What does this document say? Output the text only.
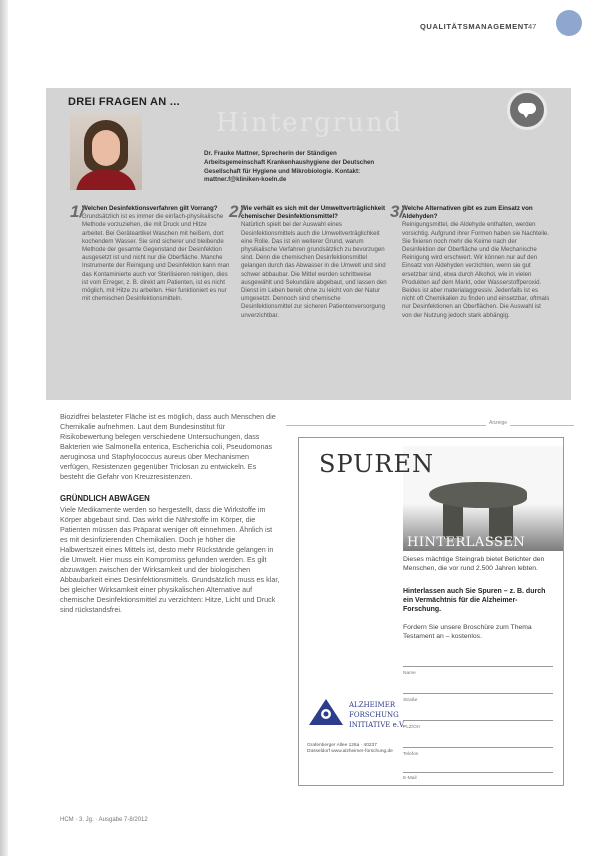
QUALITÄTSMANAGEMENT 47
Hintergrund
DREI FRAGEN AN ...
Dr. Frauke Mattner, Sprecherin der Ständigen Arbeitsgemeinschaft Krankenhaushygiene der Deutschen Gesellschaft für Hygiene und Mikrobiologie. Kontakt: mattner.f@kliniken-koeln.de
1/
Welchen Desinfektionsverfahren gilt Vorrang?
Grundsätzlich ist es immer die einfach-physikalische Methode vorzuziehen, die mit Druck und Hitze arbeitet. Bei Geräteartikel Waschen mit heißem, dort kochendem Wasser. Sie sind sicherer und bleibende Methode der gesamte Gegenstand der Desinfektion ausgesetzt ist und nicht nur die Oberfläche. Manche Instrumente der Reinigung und Desinfektion kann man das Kontaminierte auch vor Sterilisieren reinigen, dies ist vom Erreger, z. B. direkt am Patienten, ist es nicht möglich, mit Hitze zu arbeiten. Hier funktioniert es nur mit chemischen Desinfektionsmitteln.
2/
Wie verhält es sich mit der Umweltverträglichkeit chemischer Desinfektionsmittel?
Natürlich spielt bei der Auswahl eines Desinfektionsmittels auch die Umweltverträglichkeit eine Rolle. Das ist ein weiterer Grund, warum physikalische Verfahren grundsätzlich zu bevorzugen sind. Denn die chemischen Desinfektionsmittel gelangen durch das Abwasser in die Umwelt und sind schwer abbaubar. Die Mittel werden schrittweise ausgewählt und Sekundäre abgebaut, und lassen den Dienst im Leben bereit ohne zu leicht von der Natur umgesetzt. Dennoch sind chemische Desinfektionsmittel zur sicheren Patientenversorgung unverzichtbar.
3/
Welche Alternativen gibt es zum Einsatz von Aldehyden?
Reinigungsmittel, die Aldehyde enthalten, werden vorsichtig. Aufgrund ihrer Formen haben sie Nachteile. Sie fixieren noch mehr die Keime nach der Desinfektion der Oberfläche und die Mechanische Reinigung wird erschwert. Wir können nur auf den Einsatz von Aldehyden verzichten, wenn sie gut ersetzbar sind, etwa durch Alkohol, wie in vielen Produkten auf dem Markt, oder Wasserstoffperoxid. Beides ist aber materialaggressiv. Jedenfalls ist es nicht oft Chemikalien zu finden und einsetzbar, oftmals nur Desinfektionen an Oberflächen. Die Auswahl ist von der Nutzung jedoch stark abhängig.

Biozidfrei belasteter Fläche ist es möglich, dass auch Menschen die Chemikalie aufnehmen. Laut dem Bundesinstitut für Risikobewertung belegen verschiedene Untersuchungen, dass Bakterien wie Salmonella enterica, Escherichia coli, Pseudomonas aeruginosa und Staphylococcus aureus über Mechanismen verfügen, Resistenzen gegenüber Triclosan zu entwickeln. Es besteht die Gefahr von Kreuzresistenzen.

GRÜNDLICH ABWÄGEN

Viele Medikamente werden so hergestellt, dass die Wirkstoffe im Körper abgebaut sind. Das wirkt die Nährstoffe im Körper, die Patienten müssen das Präparat weniger oft einnehmen. Ähnlich ist es mit desinfizierenden Chemikalien. Doch je höher die Halbwertszeit eines Mittels ist, desto mehr Rückstände gelangen in die Umwelt. Hier muss ein Kompromiss gefunden werden. Es gilt abzuwägen zwischen der Wirksamkeit und der biologischen Abbaubarkeit eines Desinfektionsmittels. Grundsätzlich muss es klar, bei gleicher Wirksamkeit einer physikalischen Alternative auf chemische Desinfektionsmittel zu verzichten: Hitze, Licht und Druck sind rückstandsfrei.

Anzeige
SPUREN
HINTERLASSEN

Dieses mächtige Steingrab bietet Belichter den Menschen, die vor rund 2.500 Jahren lebten.

Hinterlassen auch Sie Spuren – z. B. durch ein Vermächtnis für die Alzheimer-Forschung.

Fordern Sie unsere Broschüre zum Thema Testament an – kostenlos.

Name
Straße
PLZ/Ort
Telefon
E-Mail
ALZHEIMER
FORSCHUNG
INITIATIVE e.V.
Grafenberger Allee 128a · 40237 Düsseldorf www.alzheimer-forschung.de
HCM · 3. Jg. · Ausgabe 7-8/2012
